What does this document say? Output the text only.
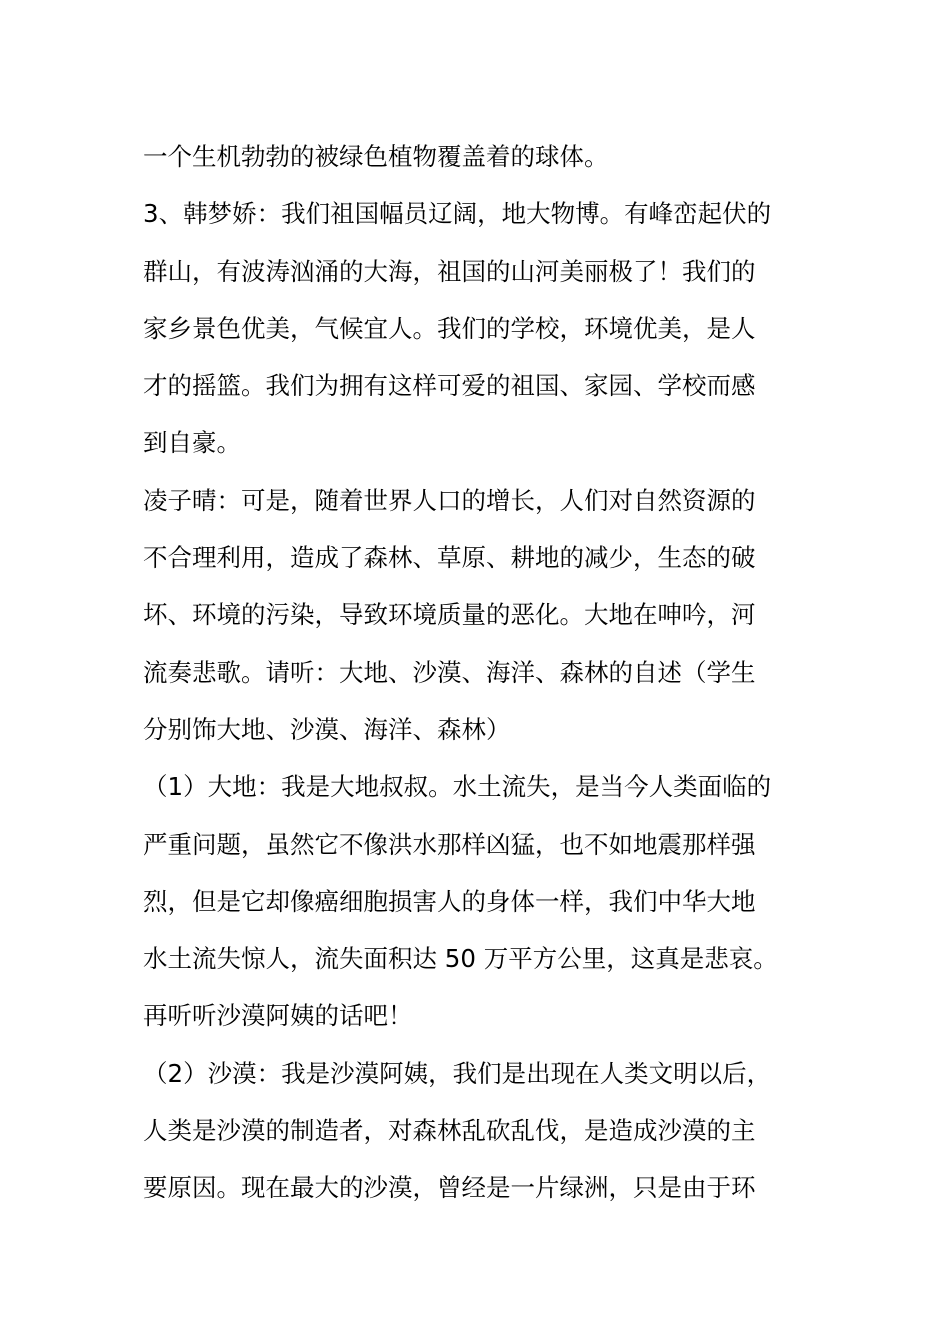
一个生机勃勃的被绿色植物覆盖着的球体。
3、韩梦娇：我们祖国幅员辽阔，地大物博。有峰峦起伏的
群山，有波涛汹涌的大海，祖国的山河美丽极了！我们的
家乡景色优美，气候宜人。我们的学校，环境优美，是人
才的摇篮。我们为拥有这样可爱的祖国、家园、学校而感
到自豪。
凌子晴：可是，随着世界人口的增长，人们对自然资源的
不合理利用，造成了森林、草原、耕地的减少，生态的破
坏、环境的污染，导致环境质量的恶化。大地在呻吟，河
流奏悲歌。请听：大地、沙漠、海洋、森林的自述（学生
分别饰大地、沙漠、海洋、森林）
（1）大地：我是大地叔叔。水土流失，是当今人类面临的
严重问题，虽然它不像洪水那样凶猛，也不如地震那样强
烈，但是它却像癌细胞损害人的身体一样，我们中华大地
水土流失惊人，流失面积达 50 万平方公里，这真是悲哀。
再听听沙漠阿姨的话吧！
（2）沙漠：我是沙漠阿姨，我们是出现在人类文明以后，
人类是沙漠的制造者，对森林乱砍乱伐，是造成沙漠的主
要原因。现在最大的沙漠，曾经是一片绿洲，只是由于环
